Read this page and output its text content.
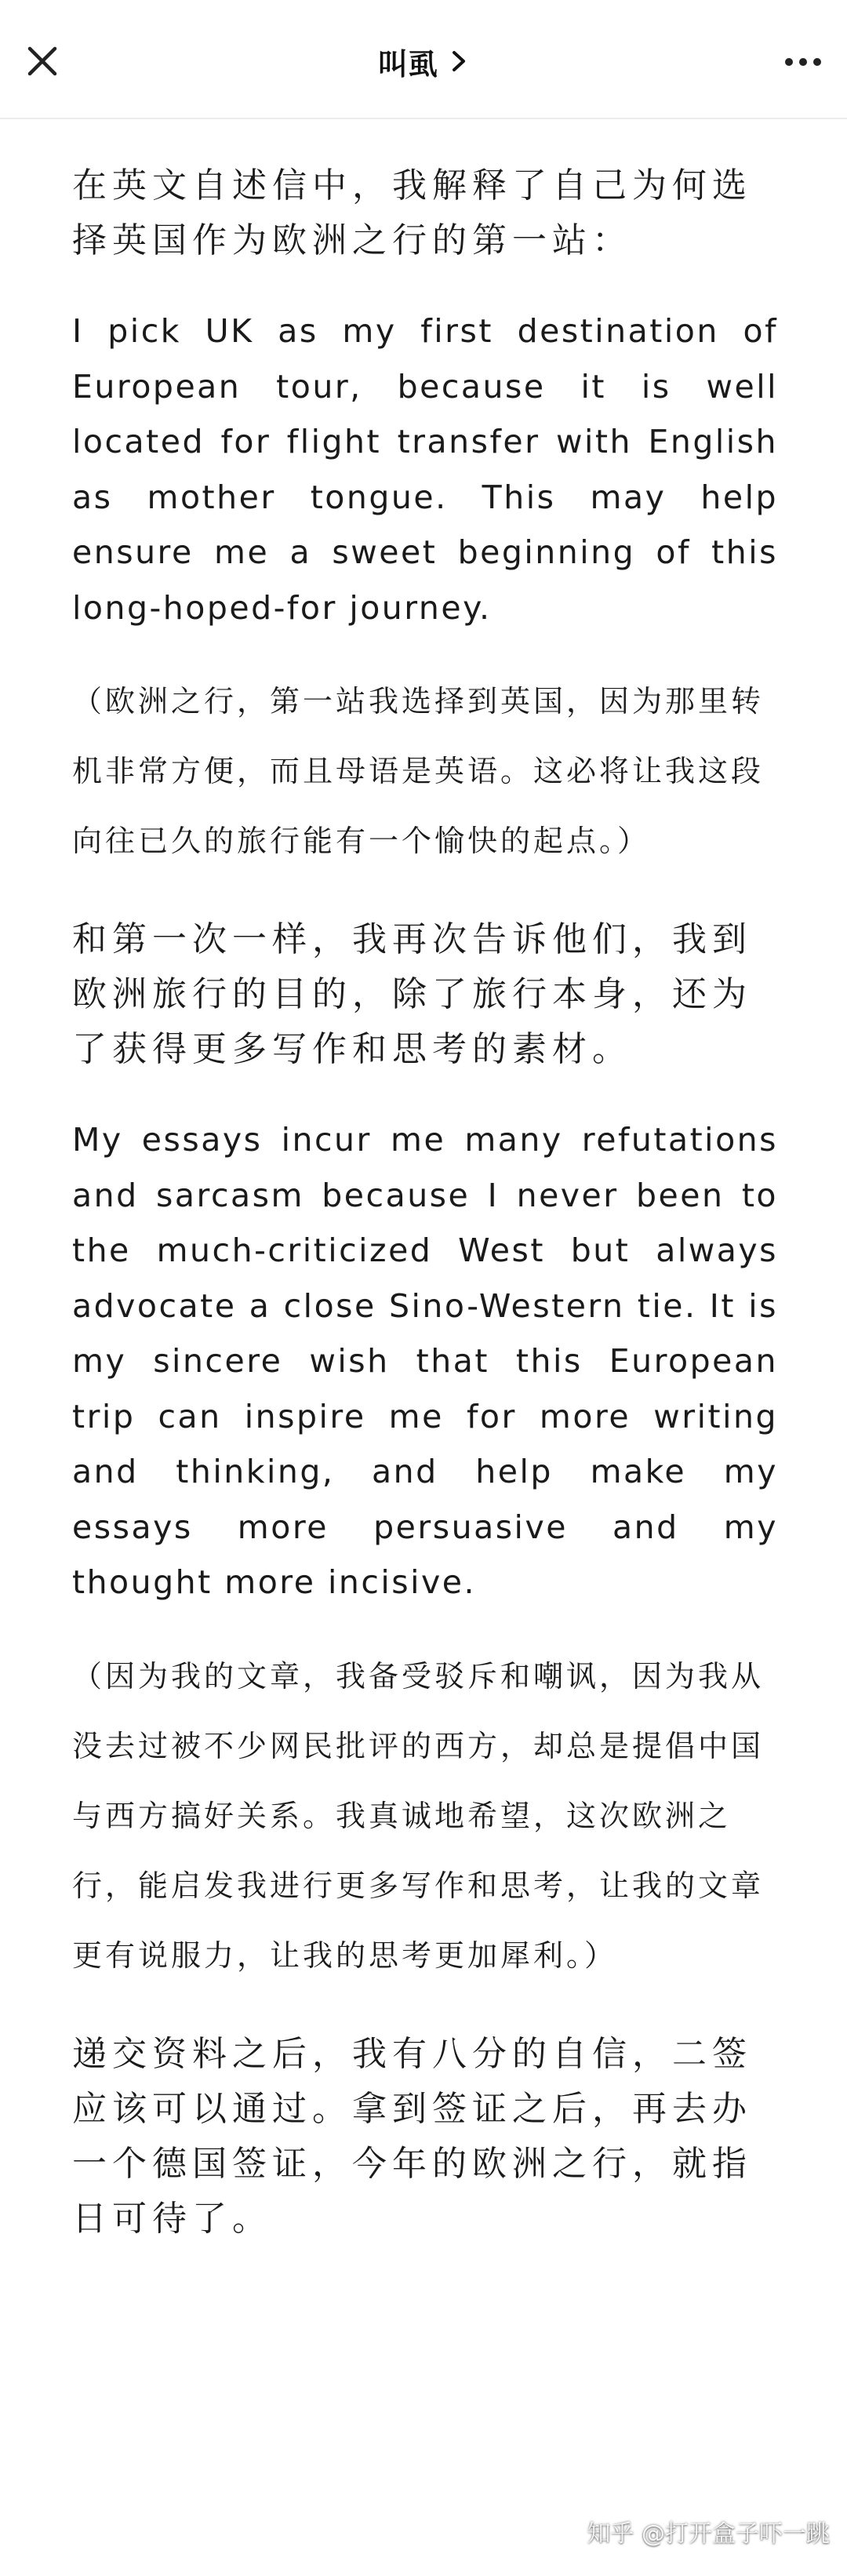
叫虱

在英文自述信中，我解释了自己为何选择英国作为欧洲之行的第一站：

I pick UK as my first destination of European tour, because it is well located for flight transfer with English as mother tongue. This may help ensure me a sweet beginning of this long-hoped-for journey.

（欧洲之行，第一站我选择到英国，因为那里转机非常方便，而且母语是英语。这必将让我这段向往已久的旅行能有一个愉快的起点。）

和第一次一样，我再次告诉他们，我到欧洲旅行的目的，除了旅行本身，还为了获得更多写作和思考的素材。

My essays incur me many refutations and sarcasm because I never been to the much-criticized West but always advocate a close Sino-Western tie. It is my sincere wish that this European trip can inspire me for more writing and thinking, and help make my essays more persuasive and my thought more incisive.

（因为我的文章，我备受驳斥和嘲讽，因为我从没去过被不少网民批评的西方，却总是提倡中国与西方搞好关系。我真诚地希望，这次欧洲之行，能启发我进行更多写作和思考，让我的文章更有说服力，让我的思考更加犀利。）

递交资料之后，我有八分的自信，二签应该可以通过。拿到签证之后，再去办一个德国签证，今年的欧洲之行，就指日可待了。

知乎 @打开盒子吓一跳
